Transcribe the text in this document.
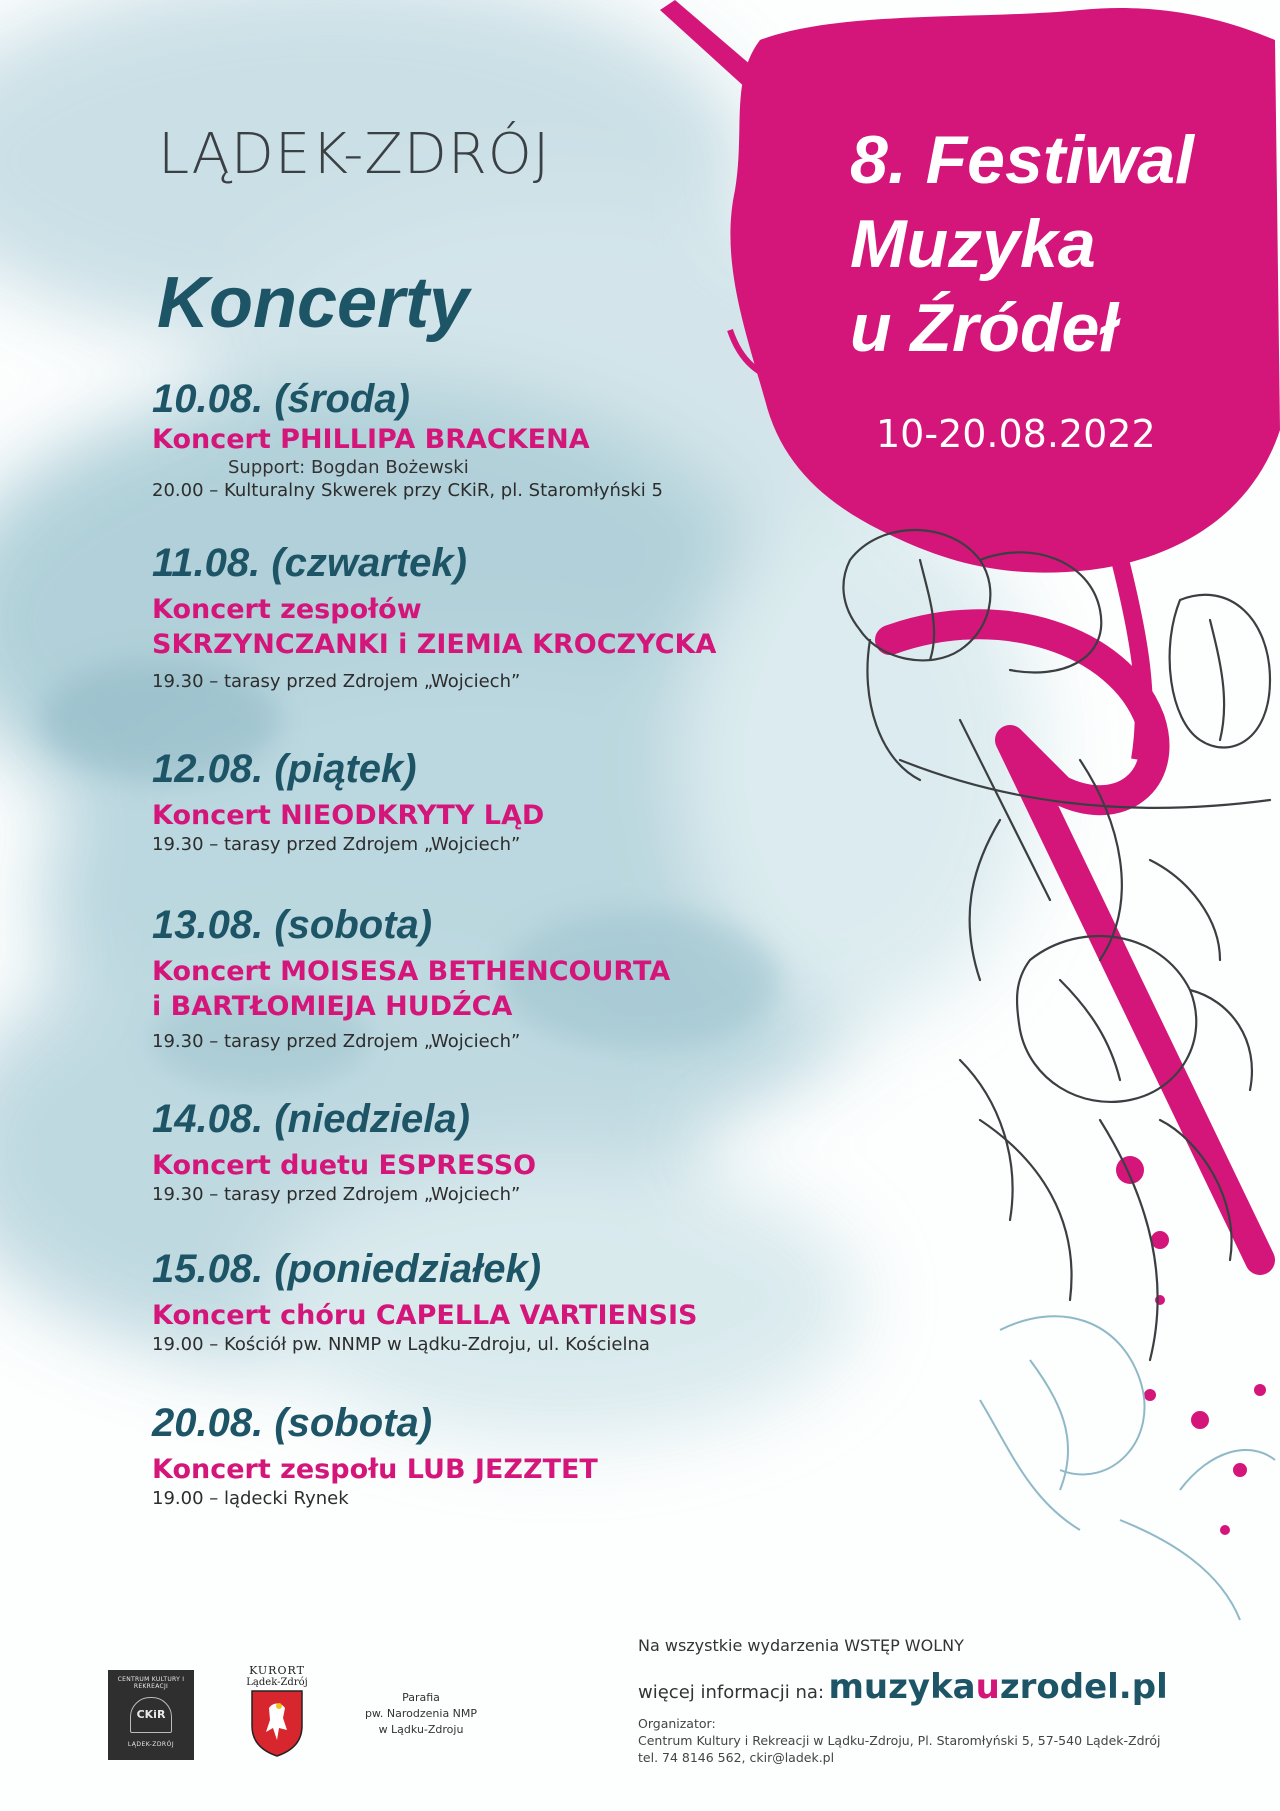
LĄDEK-ZDRÓJ
Koncerty
10.08. (środa)
Koncert PHILLIPA BRACKENA
Support: Bogdan Bożewski
20.00 – Kulturalny Skwerek przy CKiR, pl. Staromłyński 5
11.08. (czwartek)
Koncert zespołów
SKRZYNCZANKI i ZIEMIA KROCZYCKA
19.30 – tarasy przed Zdrojem „Wojciech”
12.08. (piątek)
Koncert NIEODKRYTY LĄD
19.30 – tarasy przed Zdrojem „Wojciech”
13.08. (sobota)
Koncert MOISESA BETHENCOURTA
i BARTŁOMIEJA HUDŹCA
19.30 – tarasy przed Zdrojem „Wojciech”
14.08. (niedziela)
Koncert duetu ESPRESSO
19.30 – tarasy przed Zdrojem „Wojciech”
15.08. (poniedziałek)
Koncert chóru CAPELLA VARTIENSIS
19.00 – Kościół pw. NNMP w Lądku-Zdroju, ul. Kościelna
20.08. (sobota)
Koncert zespołu LUB JEZZTET
19.00 – lądecki Rynek
8. Festiwal
Muzyka
u Źródeł
10-20.08.2022
CENTRUM KULTURY I REKREACJI
CKiR
LĄDEK-ZDRÓJ
KURORT
Lądek-Zdrój
Parafia
pw. Narodzenia NMP
w Lądku-Zdroju
Na wszystkie wydarzenia WSTĘP WOLNY
więcej informacji na: muzykauzrodel.pl
Organizator:
Centrum Kultury i Rekreacji w Lądku-Zdroju, Pl. Staromłyński 5, 57-540 Lądek-Zdrój
tel. 74 8146 562, ckir@ladek.pl
